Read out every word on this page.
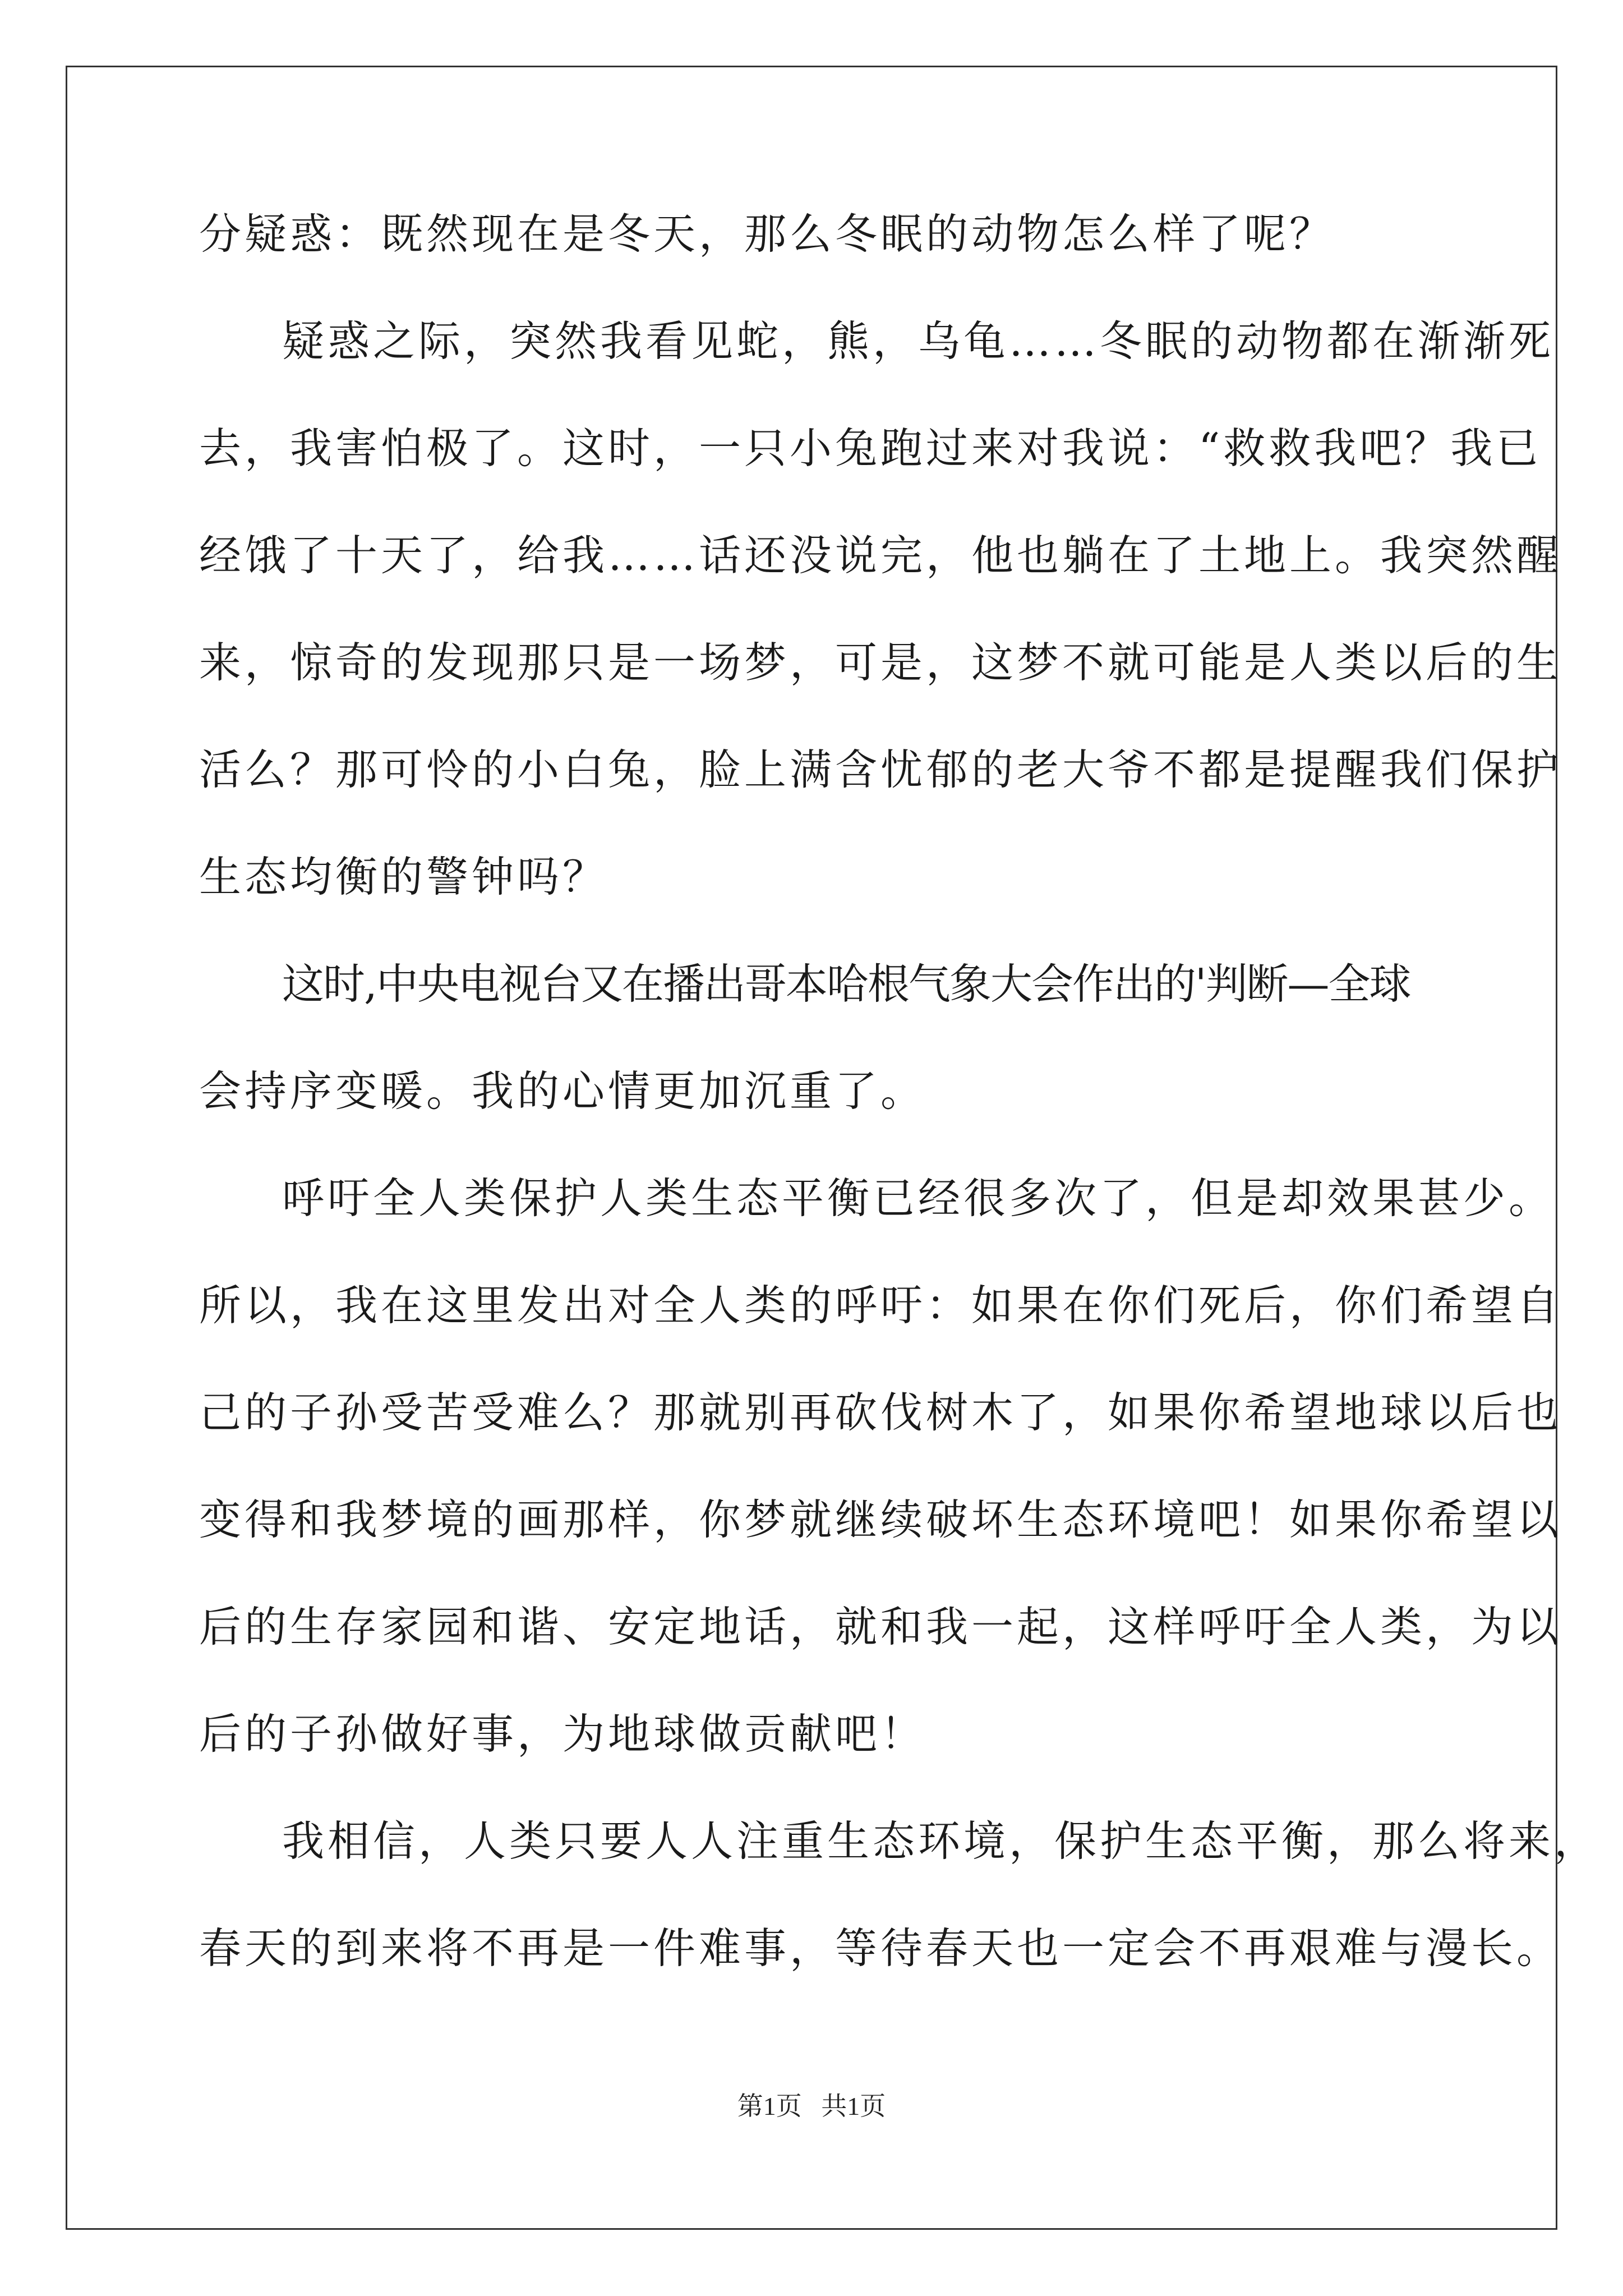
分疑惑：既然现在是冬天，那么冬眠的动物怎么样了呢？
疑惑之际，突然我看见蛇，熊，乌龟……冬眠的动物都在渐渐死
去，我害怕极了。这时，一只小兔跑过来对我说：“救救我吧？我已
经饿了十天了，给我……话还没说完，他也躺在了土地上。我突然醒
来，惊奇的发现那只是一场梦，可是，这梦不就可能是人类以后的生
活么？那可怜的小白兔，脸上满含忧郁的老大爷不都是提醒我们保护
生态均衡的警钟吗？
这时,中央电视台又在播出哥本哈根气象大会作出的'判断—全球
会持序变暖。我的心情更加沉重了。
呼吁全人类保护人类生态平衡已经很多次了，但是却效果甚少。
所以，我在这里发出对全人类的呼吁：如果在你们死后，你们希望自
己的子孙受苦受难么？那就别再砍伐树木了，如果你希望地球以后也
变得和我梦境的画那样，你梦就继续破坏生态环境吧！如果你希望以
后的生存家园和谐、安定地话，就和我一起，这样呼吁全人类，为以
后的子孙做好事，为地球做贡献吧！
我相信，人类只要人人注重生态环境，保护生态平衡，那么将来，
春天的到来将不再是一件难事，等待春天也一定会不再艰难与漫长。
第1页   共1页
